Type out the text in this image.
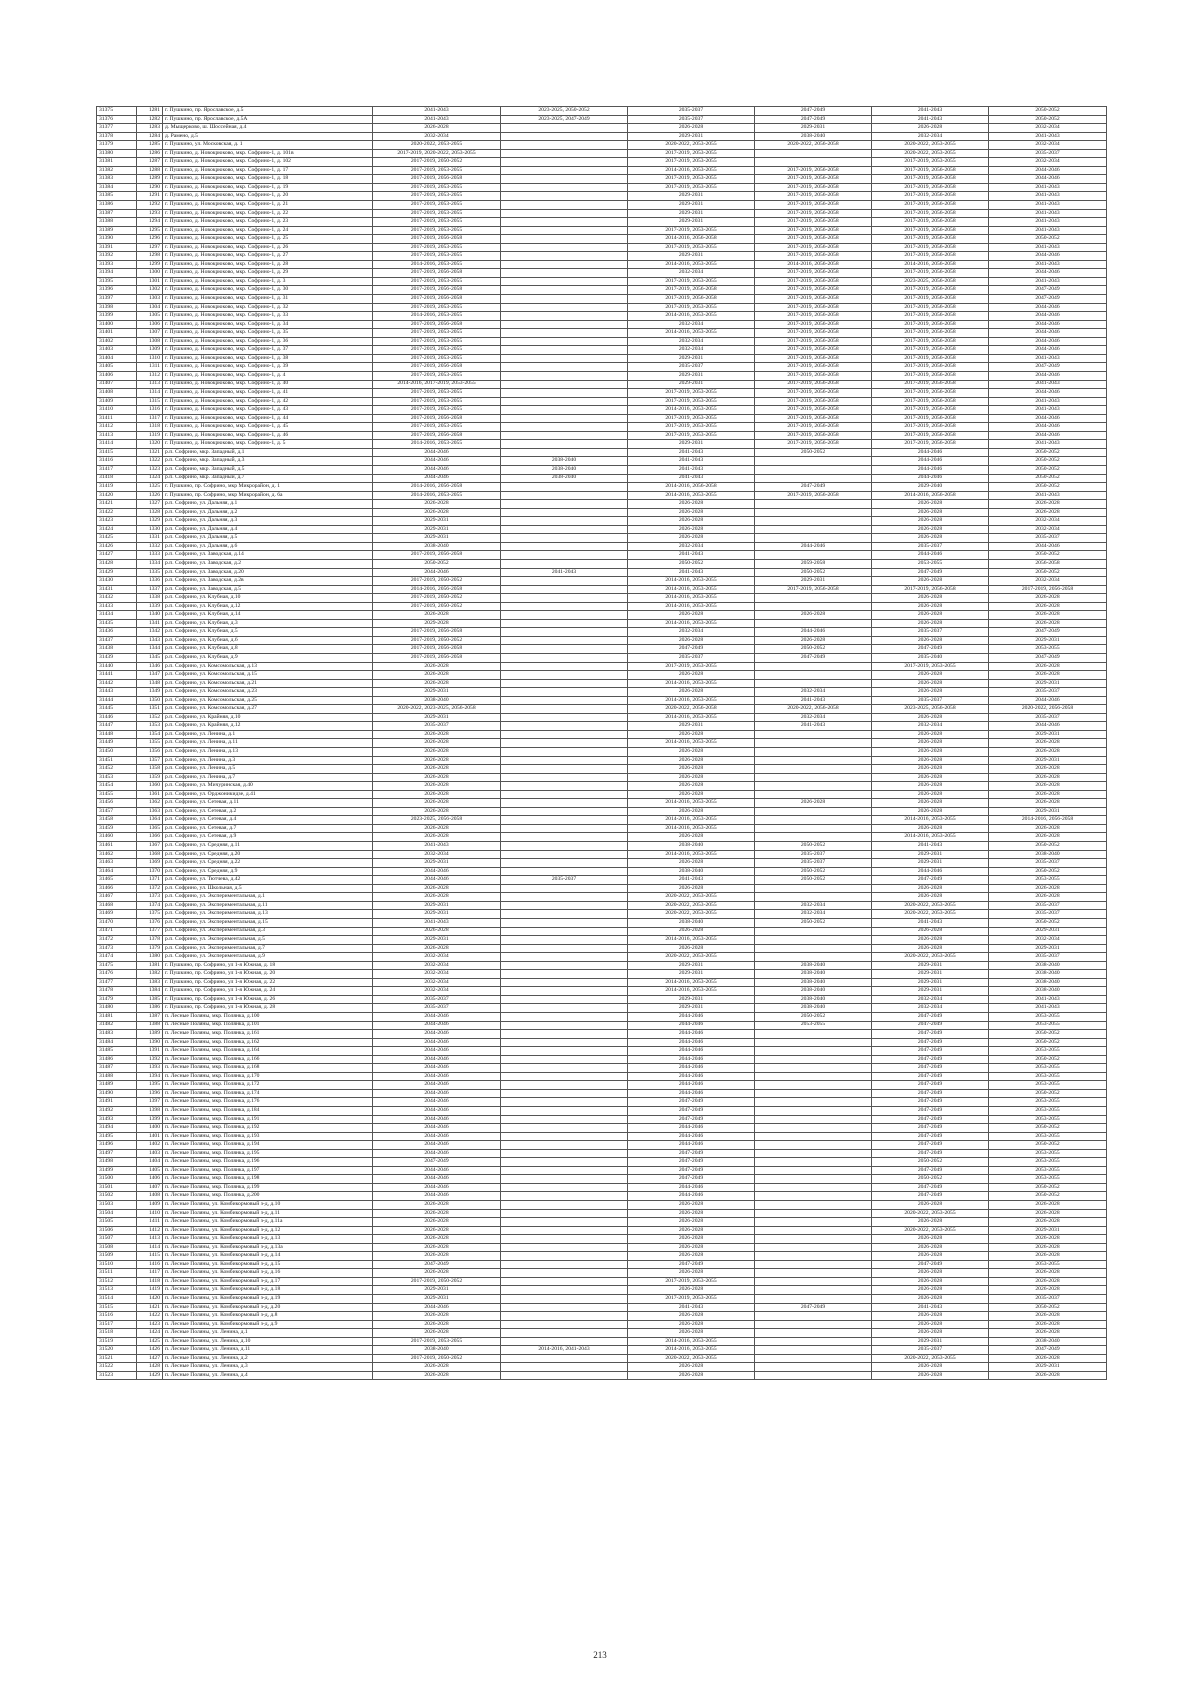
31375	1281	г. Пушкино, пр. Ярославское, д.5	2041-2043	2023-2025, 2050-2052	2035-2037	2047-2049	2041-2043	2050-2052
31376	1282	г. Пушкино, пр. Ярославское, д.5А	2041-2043	2023-2025, 2047-2049	2035-2037	2047-2049	2041-2043	2050-2052
31377	1283	д. Мыщерково, ш. Шоссейная, д.4	2026-2028		2026-2028	2029-2031	2026-2028	2032-2034
31378	1284	д. Рамено, д.5	2032-2034		2029-2031	2038-2040	2032-2034	2041-2043
31379	1285	г. Пушкино, ул. Московская, д. 1	2020-2022, 2053-2055		2020-2022, 2053-2055	2020-2022, 2056-2058	2020-2022, 2053-2055	2032-2034
31380	1286	г. Пушкино, д. Новокрюково, мкр. Софрино-1, д. 101в	2017-2019, 2020-2022, 2053-2055		2017-2019, 2053-2055		2020-2022, 2053-2055	2035-2037
31381	1287	г. Пушкино, д. Новокрюково, мкр. Софрино-1, д. 102	2017-2019, 2050-2052		2017-2019, 2053-2055		2017-2019, 2053-2055	2032-2034
31382	1288	г. Пушкино, д. Новокрюково, мкр. Софрино-1, д. 17	2017-2019, 2053-2055		2014-2016, 2053-2055	2017-2019, 2056-2058	2017-2019, 2056-2058	2044-2046
31383	1289	г. Пушкино, д. Новокрюково, мкр. Софрино-1, д. 18	2017-2019, 2056-2058		2017-2019, 2053-2055	2017-2019, 2056-2058	2017-2019, 2056-2058	2044-2046
31384	1290	г. Пушкино, д. Новокрюково, мкр. Софрино-1, д. 19	2017-2019, 2053-2055		2017-2019, 2053-2055	2017-2019, 2056-2058	2017-2019, 2056-2058	2041-2043
31385	1291	г. Пушкино, д. Новокрюково, мкр. Софрино-1, д. 20	2017-2019, 2053-2055		2029-2031	2017-2019, 2056-2058	2017-2019, 2056-2058	2041-2043
31386	1292	г. Пушкино, д. Новокрюково, мкр. Софрино-1, д. 21	2017-2019, 2053-2055		2029-2031	2017-2019, 2056-2058	2017-2019, 2056-2058	2041-2043
31387	1293	г. Пушкино, д. Новокрюково, мкр. Софрино-1, д. 22	2017-2019, 2053-2055		2029-2031	2017-2019, 2056-2058	2017-2019, 2056-2058	2041-2043
31388	1294	г. Пушкино, д. Новокрюково, мкр. Софрино-1, д. 23	2017-2019, 2053-2055		2029-2031	2017-2019, 2056-2058	2017-2019, 2056-2058	2041-2043
31389	1295	г. Пушкино, д. Новокрюково, мкр. Софрино-1, д. 24	2017-2019, 2053-2055		2017-2019, 2053-2055	2017-2019, 2056-2058	2017-2019, 2056-2058	2041-2043
31390	1296	г. Пушкино, д. Новокрюково, мкр. Софрино-1, д. 25	2017-2019, 2056-2058		2014-2016, 2056-2058	2017-2019, 2056-2058	2017-2019, 2056-2058	2050-2052
31391	1297	г. Пушкино, д. Новокрюково, мкр. Софрино-1, д. 26	2017-2019, 2053-2055		2017-2019, 2053-2055	2017-2019, 2056-2058	2017-2019, 2056-2058	2041-2043
31392	1298	г. Пушкино, д. Новокрюково, мкр. Софрино-1, д. 27	2017-2019, 2053-2055		2029-2031	2017-2019, 2056-2058	2017-2019, 2056-2058	2044-2046
31393	1299	г. Пушкино, д. Новокрюково, мкр. Софрино-1, д. 28	2014-2016, 2053-2055		2014-2016, 2053-2055	2014-2016, 2056-2058	2014-2016, 2056-2058	2041-2043
31394	1300	г. Пушкино, д. Новокрюково, мкр. Софрино-1, д. 29	2017-2019, 2056-2058		2032-2034	2017-2019, 2056-2058	2017-2019, 2056-2058	2044-2046
31395	1301	г. Пушкино, д. Новокрюково, мкр. Софрино-1, д. 3	2017-2019, 2053-2055		2017-2019, 2053-2055	2017-2019, 2056-2058	2023-2025, 2056-2058	2041-2043
31396	1302	г. Пушкино, д. Новокрюково, мкр. Софрино-1, д. 30	2017-2019, 2056-2058		2017-2019, 2056-2058	2017-2019, 2056-2058	2017-2019, 2056-2058	2047-2049
31397	1303	г. Пушкино, д. Новокрюково, мкр. Софрино-1, д. 31	2017-2019, 2056-2058		2017-2019, 2056-2058	2017-2019, 2056-2058	2017-2019, 2056-2058	2047-2049
31398	1304	г. Пушкино, д. Новокрюково, мкр. Софрино-1, д. 32	2017-2019, 2053-2055		2017-2019, 2053-2055	2017-2019, 2056-2058	2017-2019, 2056-2058	2044-2046
31399	1305	г. Пушкино, д. Новокрюково, мкр. Софрино-1, д. 33	2014-2016, 2053-2055		2014-2016, 2053-2055	2017-2019, 2056-2058	2017-2019, 2056-2058	2044-2046
31400	1306	г. Пушкино, д. Новокрюково, мкр. Софрино-1, д. 34	2017-2019, 2056-2058		2032-2034	2017-2019, 2056-2058	2017-2019, 2056-2058	2044-2046
31401	1307	г. Пушкино, д. Новокрюково, мкр. Софрино-1, д. 35	2017-2019, 2053-2055		2014-2016, 2053-2055	2017-2019, 2056-2058	2017-2019, 2056-2058	2044-2046
31402	1308	г. Пушкино, д. Новокрюково, мкр. Софрино-1, д. 36	2017-2019, 2053-2055		2032-2034	2017-2019, 2056-2058	2017-2019, 2056-2058	2044-2046
31403	1309	г. Пушкино, д. Новокрюково, мкр. Софрино-1, д. 37	2017-2019, 2053-2055		2032-2034	2017-2019, 2056-2058	2017-2019, 2056-2058	2044-2046
31404	1310	г. Пушкино, д. Новокрюково, мкр. Софрино-1, д. 38	2017-2019, 2053-2055		2029-2031	2017-2019, 2056-2058	2017-2019, 2056-2058	2041-2043
31405	1311	г. Пушкино, д. Новокрюково, мкр. Софрино-1, д. 39	2017-2019, 2056-2058		2035-2037	2017-2019, 2056-2058	2017-2019, 2056-2058	2047-2049
31406	1312	г. Пушкино, д. Новокрюково, мкр. Софрино-1, д. 4	2017-2019, 2053-2055		2029-2031	2017-2019, 2056-2058	2017-2019, 2056-2058	2044-2046
31407	1313	г. Пушкино, д. Новокрюково, мкр. Софрино-1, д. 40	2014-2016, 2017-2019, 2053-2055		2029-2031	2017-2019, 2056-2058	2017-2019, 2056-2058	2041-2043
31408	1314	г. Пушкино, д. Новокрюково, мкр. Софрино-1, д. 41	2017-2019, 2053-2055		2017-2019, 2053-2055	2017-2019, 2056-2058	2017-2019, 2056-2058	2044-2046
31409	1315	г. Пушкино, д. Новокрюково, мкр. Софрино-1, д. 42	2017-2019, 2053-2055		2017-2019, 2053-2055	2017-2019, 2056-2058	2017-2019, 2056-2058	2041-2043
31410	1316	г. Пушкино, д. Новокрюково, мкр. Софрино-1, д. 43	2017-2019, 2053-2055		2014-2016, 2053-2055	2017-2019, 2056-2058	2017-2019, 2056-2058	2041-2043
31411	1317	г. Пушкино, д. Новокрюково, мкр. Софрино-1, д. 44	2017-2019, 2056-2058		2017-2019, 2053-2055	2017-2019, 2056-2058	2017-2019, 2056-2058	2044-2046
31412	1318	г. Пушкино, д. Новокрюково, мкр. Софрино-1, д. 45	2017-2019, 2053-2055		2017-2019, 2053-2055	2017-2019, 2056-2058	2017-2019, 2056-2058	2044-2046
31413	1319	г. Пушкино, д. Новокрюково, мкр. Софрино-1, д. 46	2017-2019, 2056-2058		2017-2019, 2053-2055	2017-2019, 2056-2058	2017-2019, 2056-2058	2044-2046
31414	1320	г. Пушкино, д. Новокрюково, мкр. Софрино-1, д. 5	2014-2016, 2053-2055		2029-2031	2017-2019, 2056-2058	2017-2019, 2056-2058	2041-2043
31415	1321	р.п. Софрино, мкр. Западный, д.1	2044-2046		2041-2043	2050-2052	2044-2046	2050-2052
31416	1322	р.п. Софрино, мкр. Западный, д.3	2044-2046	2038-2040	2041-2043		2044-2046	2050-2052
31417	1323	р.п. Софрино, мкр. Западный, д.5	2044-2046	2038-2040	2041-2043		2044-2046	2050-2052
31418	1324	р.п. Софрино, мкр. Западный, д.7	2044-2046	2038-2040	2041-2043		2044-2046	2050-2052
31419	1325	г. Пушкино, пр. Софрино, мкр Микрорайон, д. 1	2014-2016, 2056-2058		2014-2016, 2056-2058	2047-2049	2029-2040	2050-2052
31420	1326	г. Пушкино, пр. Софрино, мкр Микрорайон, д. 6а	2014-2016, 2053-2055		2014-2016, 2053-2055	2017-2019, 2056-2058	2014-2016, 2056-2058	2041-2043
31421	1327	р.п. Софрино, ул. Дальняя, д.1	2026-2028		2026-2028		2026-2028	2026-2028
31422	1328	р.п. Софрино, ул. Дальняя, д.2	2026-2028		2026-2028		2026-2028	2026-2028
31423	1329	р.п. Софрино, ул. Дальняя, д.3	2029-2031		2026-2028		2026-2028	2032-2034
31424	1330	р.п. Софрино, ул. Дальняя, д.4	2029-2031		2026-2028		2026-2028	2032-2034
31425	1331	р.п. Софрино, ул. Дальняя, д.5	2029-2031		2026-2028		2026-2028	2035-2037
31426	1332	р.п. Софрино, ул. Дальняя, д.6	2038-2040		2032-2034	2044-2046	2035-2037	2044-2046
31427	1333	р.п. Софрино, ул. Заводская, д.14	2017-2019, 2056-2058		2041-2043		2044-2046	2050-2052
31428	1334	р.п. Софрино, ул. Заводская, д.2	2050-2052		2050-2052	2059-2058	2053-2055	2056-2058
31429	1335	р.п. Софрино, ул. Заводская, д.20	2044-2046	2041-2043	2041-2043	2050-2052	2047-2049	2050-2052
31430	1336	р.п. Софрино, ул. Заводская, д.2в	2017-2019, 2050-2052		2014-2016, 2053-2055	2029-2031	2026-2028	2032-2034
31431	1337	р.п. Софрино, ул. Заводская, д.5	2014-2016, 2056-2058		2014-2016, 2053-2055	2017-2019, 2056-2058	2017-2019, 2056-2058	2017-2019, 2056-2058
31432	1338	р.п. Софрино, ул. Клубная, д.10	2017-2019, 2050-2052		2014-2016, 2053-2055		2026-2028	2026-2028
31433	1339	р.п. Софрино, ул. Клубная, д.12	2017-2019, 2050-2052		2014-2016, 2053-2055		2026-2028	2026-2028
31434	1340	р.п. Софрино, ул. Клубная, д.14	2026-2028		2026-2028	2026-2028	2026-2028	2026-2028
31435	1341	р.п. Софрино, ул. Клубная, д.3	2029-2028		2014-2016, 2053-2055		2026-2028	2026-2028
31436	1342	р.п. Софрино, ул. Клубная, д.5	2017-2019, 2056-2058		2032-2034	2044-2046	2035-2037	2047-2049
31437	1343	р.п. Софрино, ул. Клубная, д.6	2017-2019, 2050-2052		2026-2028	2026-2028	2026-2028	2029-2031
31438	1344	р.п. Софрино, ул. Клубная, д.8	2017-2019, 2056-2058		2047-2049	2050-2052	2047-2049	2053-2055
31439	1345	р.п. Софрино, ул. Клубная, д.9	2017-2019, 2056-2058		2035-2037	2047-2049	2035-2040	2047-2049
31440	1346	р.п. Софрино, ул. Комсомольская, д.13	2026-2028		2017-2019, 2053-2055		2017-2019, 2053-2055	2026-2028
31441	1347	р.п. Софрино, ул. Комсомольская, д.15	2026-2028		2026-2028		2026-2028	2026-2028
31442	1348	р.п. Софрино, ул. Комсомольская, д.21	2026-2028		2014-2016, 2053-2055		2026-2028	2029-2031
31443	1349	р.п. Софрино, ул. Комсомольская, д.23	2029-2031		2026-2028	2032-2034	2026-2028	2035-2037
31444	1350	р.п. Софрино, ул. Комсомольская, д.25	2038-2040		2014-2016, 2053-2055	2041-2043	2035-2037	2044-2046
31445	1351	р.п. Софрино, ул. Комсомольская, д.27	2020-2022, 2023-2025, 2056-2058		2020-2022, 2056-2058	2020-2022, 2056-2058	2023-2025, 2056-2058	2020-2022, 2056-2058
31446	1352	р.п. Софрино, ул. Крайняя, д.10	2029-2031		2014-2016, 2053-2055	2032-2034	2026-2028	2035-2037
31447	1353	р.п. Софрино, ул. Крайняя, д.12	2035-2037		2029-2031	2041-2043	2032-2034	2044-2046
31448	1354	р.п. Софрино, ул. Ленина, д.1	2026-2028		2026-2028		2026-2028	2029-2031
31449	1355	р.п. Софрино, ул. Ленина, д.11	2026-2028		2014-2016, 2053-2055		2026-2028	2026-2028
31450	1356	р.п. Софрино, ул. Ленина, д.13	2026-2028		2026-2028		2026-2028	2026-2028
31451	1357	р.п. Софрино, ул. Ленина, д.3	2026-2028		2026-2028		2026-2028	2029-2031
31452	1358	р.п. Софрино, ул. Ленина, д.5	2026-2028		2026-2028		2026-2028	2026-2028
31453	1359	р.п. Софрино, ул. Ленина, д.7	2026-2028		2026-2028		2026-2028	2026-2028
31454	1360	р.п. Софрино, ул. Мичуринская, д.40	2026-2028		2026-2028		2026-2028	2026-2028
31455	1361	р.п. Софрино, ул. Орджоникидзе, д.41	2026-2028		2026-2028		2026-2028	2026-2028
31456	1362	р.п. Софрино, ул. Сетевая, д.11	2026-2028		2014-2016, 2053-2055	2026-2028	2026-2028	2026-2028
31457	1363	р.п. Софрино, ул. Сетевая, д.2	2026-2028		2026-2028		2026-2028	2029-2031
31458	1364	р.п. Софрино, ул. Сетевая, д.4	2023-2025, 2056-2058		2014-2016, 2053-2055		2014-2016, 2053-2055	2014-2016, 2056-2058
31459	1365	р.п. Софрино, ул. Сетевая, д.7	2026-2028		2014-2016, 2053-2055		2026-2028	2026-2028
31460	1366	р.п. Софрино, ул. Сетевая, д.9	2026-2028		2026-2028		2014-2016, 2053-2055	2026-2028
31461	1367	р.п. Софрино, ул. Средняя, д.11	2041-2043		2038-2040	2050-2052	2041-2043	2050-2052
31462	1368	р.п. Софрино, ул. Средняя, д.20	2032-2034		2014-2016, 2053-2055	2035-2037	2029-2031	2038-2040
31463	1369	р.п. Софрино, ул. Средняя, д.22	2029-2031		2026-2028	2035-2037	2029-2031	2035-2037
31464	1370	р.п. Софрино, ул. Средняя, д.9	2044-2046		2038-2040	2050-2052	2044-2046	2050-2052
31465	1371	р.п. Софрино, ул. Тютчева, д.42	2044-2046	2035-2037	2041-2043	2050-2052	2047-2049	2053-2055
31466	1372	р.п. Софрино, ул. Школьная, д.5	2026-2028		2026-2028		2026-2028	2026-2028
31467	1373	р.п. Софрино, ул. Экспериментальная, д.1	2026-2028		2020-2022, 2053-2055		2026-2028	2026-2028
31468	1374	р.п. Софрино, ул. Экспериментальная, д.11	2029-2031		2020-2022, 2053-2055	2032-2034	2020-2022, 2053-2055	2035-2037
31469	1375	р.п. Софрино, ул. Экспериментальная, д.13	2029-2031		2020-2022, 2053-2055	2032-2034	2020-2022, 2053-2055	2035-2037
31470	1376	р.п. Софрино, ул. Экспериментальная, д.15	2041-2043		2038-2040	2050-2052	2041-2043	2050-2052
31471	1377	р.п. Софрино, ул. Экспериментальная, д.3	2026-2028		2026-2028		2026-2028	2029-2031
31472	1378	р.п. Софрино, ул. Экспериментальная, д.5	2029-2031		2014-2016, 2053-2055		2026-2028	2032-2034
31473	1379	р.п. Софрино, ул. Экспериментальная, д.7	2026-2028		2026-2028		2026-2028	2029-2031
31474	1380	р.п. Софрино, ул. Экспериментальная, д.9	2032-2034		2020-2022, 2053-2055		2020-2022, 2053-2055	2035-2037
31475	1381	г. Пушкино, пр. Софрино, ул 1-я Южная, д. 18	2032-2034		2029-2031	2038-2040	2029-2031	2038-2040
31476	1382	г. Пушкино, пр. Софрино, ул 1-я Южная, д. 20	2032-2034		2029-2031	2038-2040	2029-2031	2038-2040
31477	1383	г. Пушкино, пр. Софрино, ул 1-я Южная, д. 22	2032-2034		2014-2016, 2053-2055	2038-2040	2029-2031	2038-2040
31478	1384	г. Пушкино, пр. Софрино, ул 1-я Южная, д. 24	2032-2034		2014-2016, 2053-2055	2038-2040	2029-2031	2038-2040
31479	1385	г. Пушкино, пр. Софрино, ул 1-я Южная, д. 26	2035-2037		2029-2031	2038-2040	2032-2034	2041-2043
31480	1386	г. Пушкино, пр. Софрино, ул 1-я Южная, д. 28	2035-2037		2029-2031	2038-2040	2032-2034	2041-2043
31481	1387	п. Лесные Поляны, мкр. Полянка, д.100	2044-2046		2044-2046	2050-2052	2047-2049	2053-2055
31482	1388	п. Лесные Поляны, мкр. Полянка, д.101	2044-2046		2044-2046	2053-2055	2047-2049	2053-2055
31483	1389	п. Лесные Поляны, мкр. Полянка, д.161	2044-2046		2044-2046		2047-2049	2050-2052
31484	1390	п. Лесные Поляны, мкр. Полянка, д.162	2044-2046		2044-2046		2047-2049	2050-2052
31485	1391	п. Лесные Поляны, мкр. Полянка, д.164	2044-2046		2044-2046		2047-2049	2053-2055
31486	1392	п. Лесные Поляны, мкр. Полянка, д.166	2044-2046		2044-2046		2047-2049	2050-2052
31487	1393	п. Лесные Поляны, мкр. Полянка, д.168	2044-2046		2044-2046		2047-2049	2053-2055
31488	1394	п. Лесные Поляны, мкр. Полянка, д.170	2044-2046		2044-2046		2047-2049	2053-2055
31489	1395	п. Лесные Поляны, мкр. Полянка, д.172	2044-2046		2044-2046		2047-2049	2053-2055
31490	1396	п. Лесные Поляны, мкр. Полянка, д.174	2044-2046		2044-2046		2047-2049	2050-2052
31491	1397	п. Лесные Поляны, мкр. Полянка, д.176	2044-2046		2047-2049		2047-2049	2053-2055
31492	1398	п. Лесные Поляны, мкр. Полянка, д.184	2044-2046		2047-2049		2047-2049	2053-2055
31493	1399	п. Лесные Поляны, мкр. Полянка, д.191	2044-2046		2047-2049		2047-2049	2053-2055
31494	1400	п. Лесные Поляны, мкр. Полянка, д.192	2044-2046		2044-2046		2047-2049	2050-2052
31495	1401	п. Лесные Поляны, мкр. Полянка, д.193	2044-2046		2044-2046		2047-2049	2053-2055
31496	1402	п. Лесные Поляны, мкр. Полянка, д.194	2044-2046		2044-2046		2047-2049	2050-2052
31497	1403	п. Лесные Поляны, мкр. Полянка, д.195	2044-2046		2047-2049		2047-2049	2053-2055
31498	1404	п. Лесные Поляны, мкр. Полянка, д.196	2047-2049		2047-2049		2050-2052	2053-2055
31499	1405	п. Лесные Поляны, мкр. Полянка, д.197	2044-2046		2047-2049		2047-2049	2053-2055
31500	1406	п. Лесные Поляны, мкр. Полянка, д.198	2044-2046		2047-2049		2050-2052	2053-2055
31501	1407	п. Лесные Поляны, мкр. Полянка, д.199	2044-2046		2044-2046		2047-2049	2050-2052
31502	1408	п. Лесные Поляны, мкр. Полянка, д.200	2044-2046		2044-2046		2047-2049	2050-2052
31503	1409	п. Лесные Поляны, ул. Комбикормовый з-д, д.10	2026-2028		2026-2028		2026-2028	2026-2028
31504	1410	п. Лесные Поляны, ул. Комбикормовый з-д, д.11	2026-2028		2026-2028		2020-2022, 2053-2055	2026-2028
31505	1411	п. Лесные Поляны, ул. Комбикормовый з-д, д.11а	2026-2028		2026-2028		2026-2028	2026-2028
31506	1412	п. Лесные Поляны, ул. Комбикормовый з-д, д.12	2026-2028		2026-2028		2020-2022, 2053-2055	2029-2031
31507	1413	п. Лесные Поляны, ул. Комбикормовый з-д, д.13	2026-2028		2026-2028		2026-2028	2026-2028
31508	1414	п. Лесные Поляны, ул. Комбикормовый з-д, д.13а	2026-2028		2026-2028		2026-2028	2026-2028
31509	1415	п. Лесные Поляны, ул. Комбикормовый з-д, д.14	2026-2028		2026-2028		2026-2028	2026-2028
31510	1416	п. Лесные Поляны, ул. Комбикормовый з-д, д.15	2047-2049		2047-2049		2047-2049	2053-2055
31511	1417	п. Лесные Поляны, ул. Комбикормовый з-д, д.16	2026-2028		2026-2028		2026-2028	2026-2028
31512	1418	п. Лесные Поляны, ул. Комбикормовый з-д, д.17	2017-2019, 2050-2052		2017-2019, 2053-2055		2026-2028	2026-2028
31513	1419	п. Лесные Поляны, ул. Комбикормовый з-д, д.18	2029-2031		2026-2028		2026-2028	2026-2028
31514	1420	п. Лесные Поляны, ул. Комбикормовый з-д, д.19	2029-2031		2017-2019, 2053-2055		2026-2028	2035-2037
31515	1421	п. Лесные Поляны, ул. Комбикормовый з-д, д.20	2044-2046		2041-2043	2047-2049	2041-2043	2050-2052
31516	1422	п. Лесные Поляны, ул. Комбикормовый з-д, д.8	2026-2028		2026-2028		2026-2028	2026-2028
31517	1423	п. Лесные Поляны, ул. Комбикормовый з-д, д.9	2026-2028		2026-2028		2026-2028	2026-2028
31518	1424	п. Лесные Поляны, ул. Ленина, д.1	2026-2028		2026-2028		2026-2028	2026-2028
31519	1425	п. Лесные Поляны, ул. Ленина, д.10	2017-2019, 2053-2055		2014-2016, 2053-2055		2029-2031	2038-2040
31520	1426	п. Лесные Поляны, ул. Ленина, д.11	2038-2040	2014-2016, 2041-2043	2014-2016, 2053-2055		2035-2037	2047-2049
31521	1427	п. Лесные Поляны, ул. Ленина, д.2	2017-2019, 2050-2052		2020-2022, 2053-2055		2020-2022, 2053-2055	2026-2028
31522	1428	п. Лесные Поляны, ул. Ленина, д.3	2026-2028		2026-2028		2026-2028	2029-2031
31523	1429	п. Лесные Поляны, ул. Ленина, д.4	2026-2028		2026-2028		2026-2028	2026-2028
213
